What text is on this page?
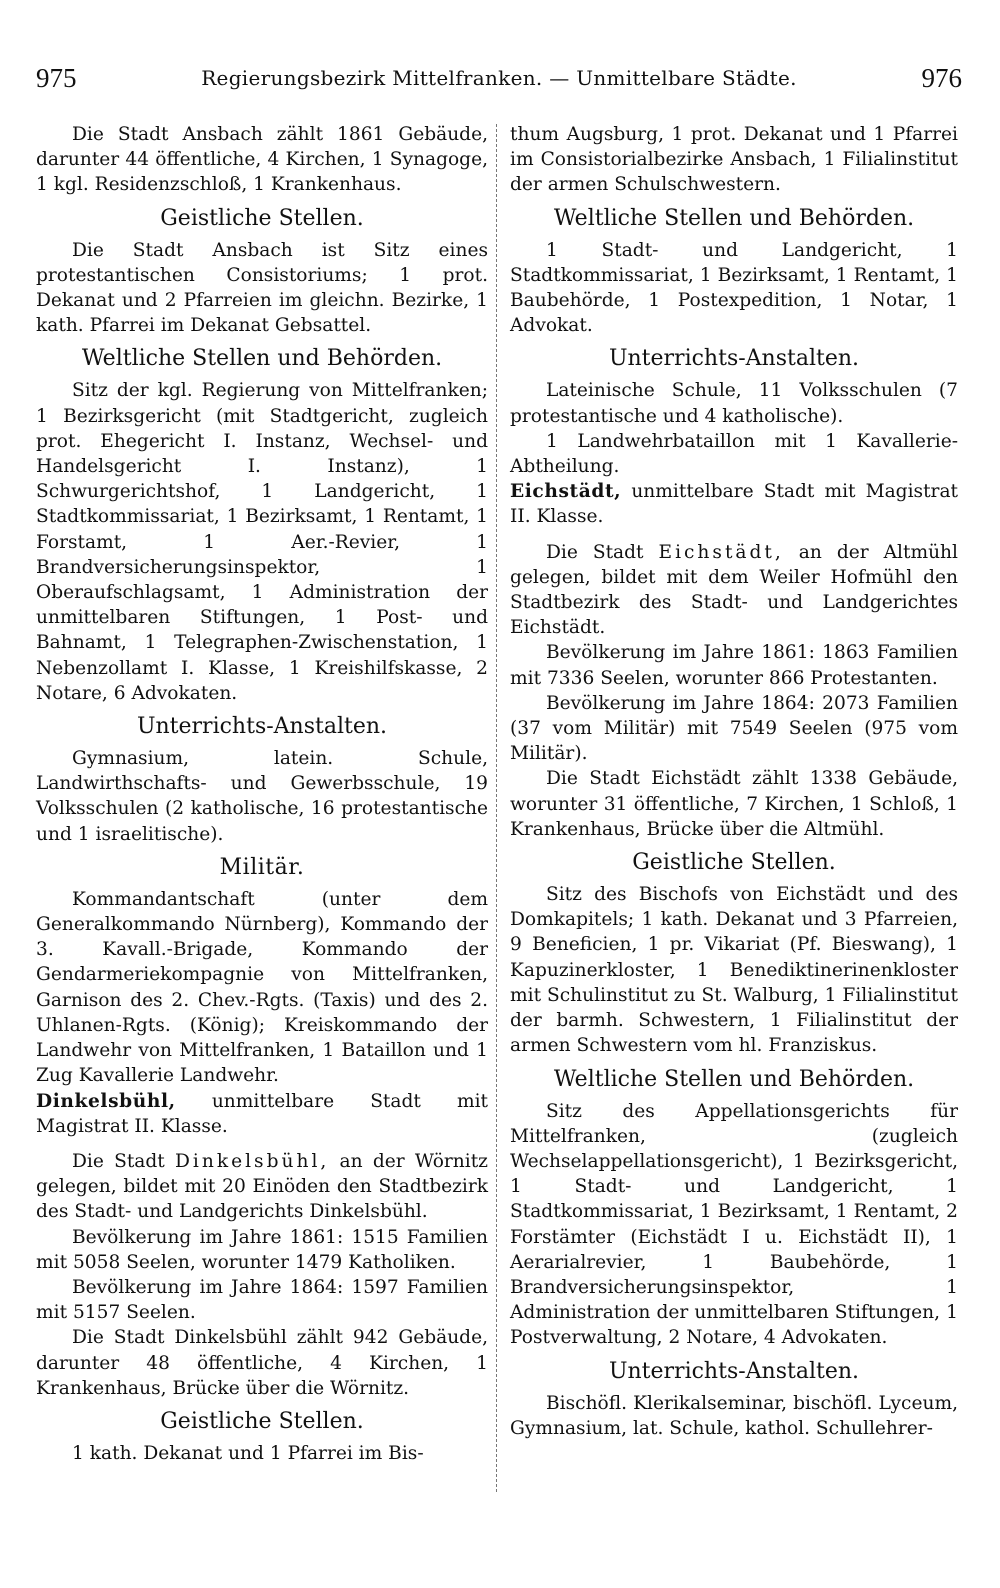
975	Regierungsbezirk Mittelfranken. — Unmittelbare Städte.	976

Die Stadt Ansbach zählt 1861 Gebäude, darunter 44 öffentliche, 4 Kirchen, 1 Synagoge, 1 kgl. Residenzschloß, 1 Krankenhaus.

Geistliche Stellen.

Die Stadt Ansbach ist Sitz eines protestantischen Consistoriums; 1 prot. Dekanat und 2 Pfarreien im gleichn. Bezirke, 1 kath. Pfarrei im Dekanat Gebsattel.

Weltliche Stellen und Behörden.

Sitz der kgl. Regierung von Mittelfranken; 1 Bezirksgericht (mit Stadtgericht, zugleich prot. Ehegericht I. Instanz, Wechsel- und Handelsgericht I. Instanz), 1 Schwurgerichtshof, 1 Landgericht, 1 Stadtkommissariat, 1 Bezirksamt, 1 Rentamt, 1 Forstamt, 1 Aer.-Revier, 1 Brandversicherungsinspektor, 1 Oberaufschlagsamt, 1 Administration der unmittelbaren Stiftungen, 1 Post- und Bahnamt, 1 Telegraphen-Zwischenstation, 1 Nebenzollamt I. Klasse, 1 Kreishilfskasse, 2 Notare, 6 Advokaten.

Unterrichts-Anstalten.

Gymnasium, latein. Schule, Landwirthschafts- und Gewerbsschule, 19 Volksschulen (2 katholische, 16 protestantische und 1 israelitische).

Militär.

Kommandantschaft (unter dem Generalkommando Nürnberg), Kommando der 3. Kavall.-Brigade, Kommando der Gendarmeriekompagnie von Mittelfranken, Garnison des 2. Chev.-Rgts. (Taxis) und des 2. Uhlanen-Rgts. (König); Kreiskommando der Landwehr von Mittelfranken, 1 Bataillon und 1 Zug Kavallerie Landwehr.

Dinkelsbühl, unmittelbare Stadt mit Magistrat II. Klasse.

Die Stadt Dinkelsbühl, an der Wörnitz gelegen, bildet mit 20 Einöden den Stadtbezirk des Stadt- und Landgerichts Dinkelsbühl.

Bevölkerung im Jahre 1861: 1515 Familien mit 5058 Seelen, worunter 1479 Katholiken.

Bevölkerung im Jahre 1864: 1597 Familien mit 5157 Seelen.

Die Stadt Dinkelsbühl zählt 942 Gebäude, darunter 48 öffentliche, 4 Kirchen, 1 Krankenhaus, Brücke über die Wörnitz.

Geistliche Stellen.

1 kath. Dekanat und 1 Pfarrei im Bis-

thum Augsburg, 1 prot. Dekanat und 1 Pfarrei im Consistorialbezirke Ansbach, 1 Filialinstitut der armen Schulschwestern.

Weltliche Stellen und Behörden.

1 Stadt- und Landgericht, 1 Stadtkommissariat, 1 Bezirksamt, 1 Rentamt, 1 Baubehörde, 1 Postexpedition, 1 Notar, 1 Advokat.

Unterrichts-Anstalten.

Lateinische Schule, 11 Volksschulen (7 protestantische und 4 katholische).

1 Landwehrbataillon mit 1 Kavallerie-Abtheilung.

Eichstädt, unmittelbare Stadt mit Magistrat II. Klasse.

Die Stadt Eichstädt, an der Altmühl gelegen, bildet mit dem Weiler Hofmühl den Stadtbezirk des Stadt- und Landgerichtes Eichstädt.

Bevölkerung im Jahre 1861: 1863 Familien mit 7336 Seelen, worunter 866 Protestanten.

Bevölkerung im Jahre 1864: 2073 Familien (37 vom Militär) mit 7549 Seelen (975 vom Militär).

Die Stadt Eichstädt zählt 1338 Gebäude, worunter 31 öffentliche, 7 Kirchen, 1 Schloß, 1 Krankenhaus, Brücke über die Altmühl.

Geistliche Stellen.

Sitz des Bischofs von Eichstädt und des Domkapitels; 1 kath. Dekanat und 3 Pfarreien, 9 Beneficien, 1 pr. Vikariat (Pf. Bieswang), 1 Kapuzinerkloster, 1 Benediktinerinenkloster mit Schulinstitut zu St. Walburg, 1 Filialinstitut der barmh. Schwestern, 1 Filialinstitut der armen Schwestern vom hl. Franziskus.

Weltliche Stellen und Behörden.

Sitz des Appellationsgerichts für Mittelfranken, (zugleich Wechselappellationsgericht), 1 Bezirksgericht, 1 Stadt- und Landgericht, 1 Stadtkommissariat, 1 Bezirksamt, 1 Rentamt, 2 Forstämter (Eichstädt I u. Eichstädt II), 1 Aerarialrevier, 1 Baubehörde, 1 Brandversicherungsinspektor, 1 Administration der unmittelbaren Stiftungen, 1 Postverwaltung, 2 Notare, 4 Advokaten.

Unterrichts-Anstalten.

Bischöfl. Klerikalseminar, bischöfl. Lyceum, Gymnasium, lat. Schule, kathol. Schullehrer-
